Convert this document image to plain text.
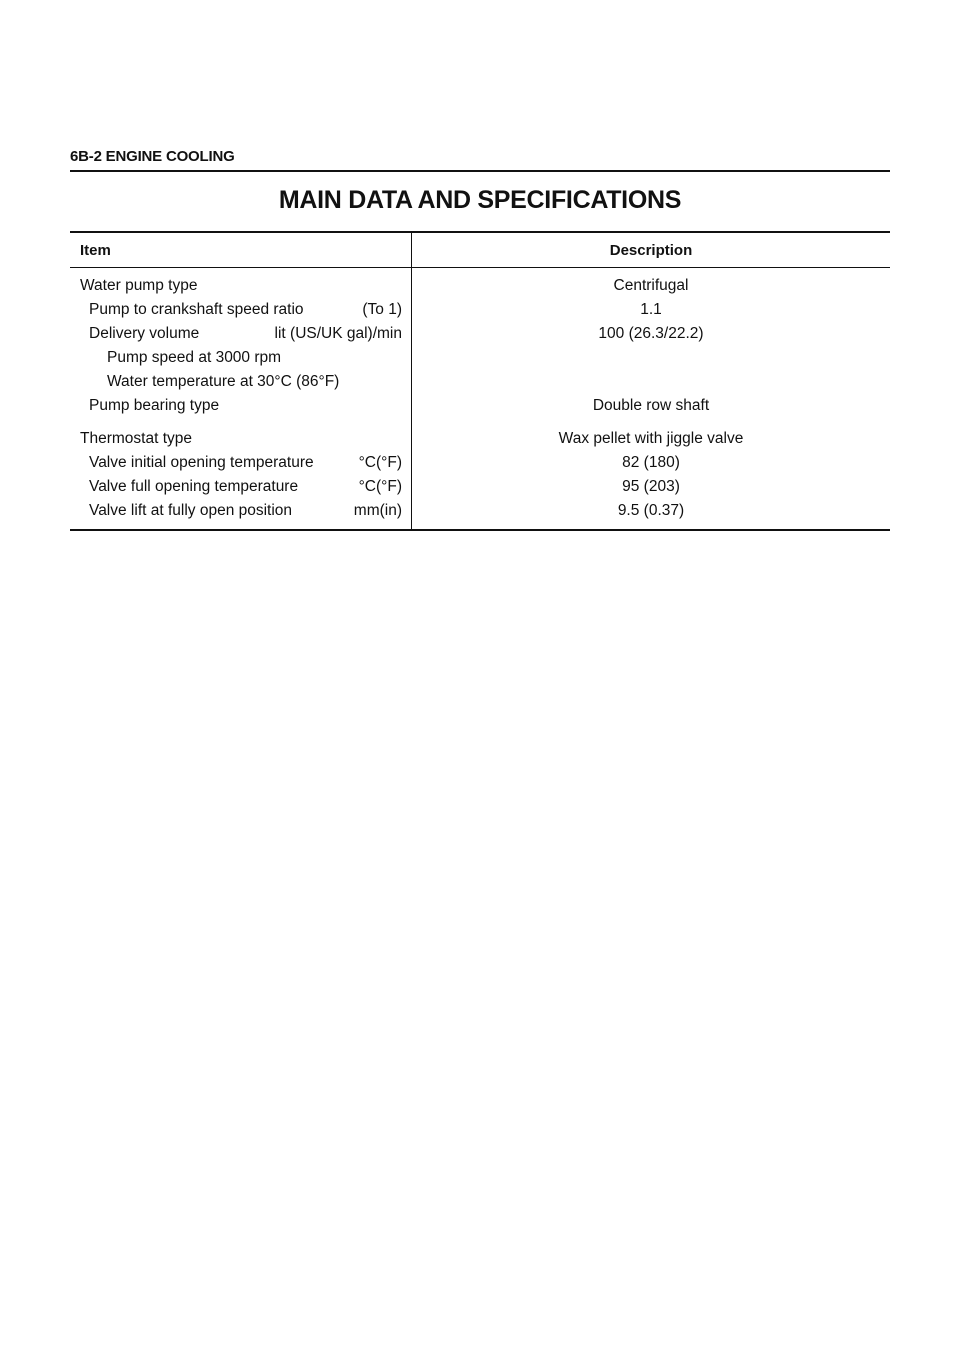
6B-2 ENGINE COOLING
MAIN DATA AND SPECIFICATIONS
Item	Description
Water pump type	Centrifugal
Pump to crankshaft speed ratio	(To 1)	1.1
Delivery volume	lit (US/UK gal)/min	100 (26.3/22.2)
Pump speed at 3000 rpm
Water temperature at 30°C (86°F)
Pump bearing type	Double row shaft
Thermostat type	Wax pellet with jiggle valve
Valve initial opening temperature	°C(°F)	82 (180)
Valve full opening temperature	°C(°F)	95 (203)
Valve lift at fully open position	mm(in)	9.5 (0.37)
